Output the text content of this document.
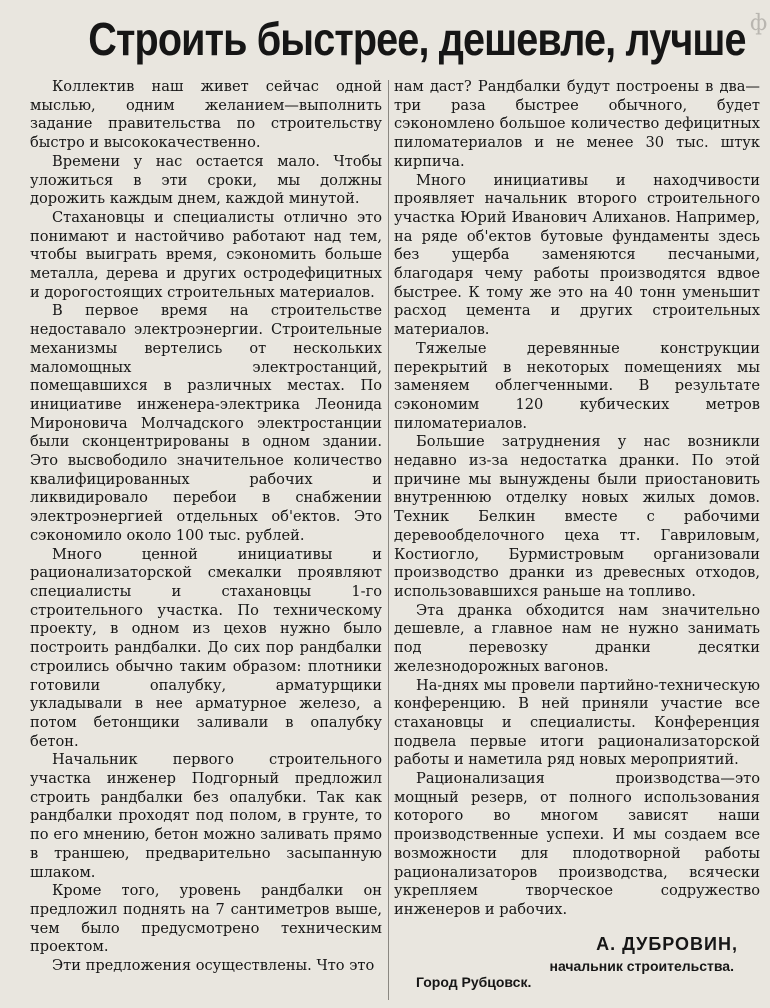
Строить быстрее, дешевле, лучше ф

Коллектив наш живет сейчас одной мыслью, одним желанием—выполнить задание правительства по строительству быстро и высококачественно.

Времени у нас остается мало. Чтобы уложиться в эти сроки, мы должны дорожить каждым днем, каждой минутой.

Стахановцы и специалисты отлично это понимают и настойчиво работают над тем, чтобы выиграть время, сэкономить больше металла, дерева и других остродефицитных и дорогостоящих строительных материалов.

В первое время на строительстве недоставало электроэнергии. Строительные механизмы вертелись от нескольких маломощных электростанций, помещавшихся в различных местах. По инициативе инженера-электрика Леонида Мироновича Молчадского электростанции были сконцентрированы в одном здании. Это высвободило значительное количество квалифицированных рабочих и ликвидировало перебои в снабжении электроэнергией отдельных об'ектов. Это сэкономило около 100 тыс. рублей.

Много ценной инициативы и рационализаторской смекалки проявляют специалисты и стахановцы 1-го строительного участка. По техническому проекту, в одном из цехов нужно было построить рандбалки. До сих пор рандбалки строились обычно таким образом: плотники готовили опалубку, арматурщики укладывали в нее арматурное железо, а потом бетонщики заливали в опалубку бетон.

Начальник первого строительного участка инженер Подгорный предложил строить рандбалки без опалубки. Так как рандбалки проходят под полом, в грунте, то по его мнению, бетон можно заливать прямо в траншею, предварительно засыпанную шлаком.

Кроме того, уровень рандбалки он предложил поднять на 7 сантиметров выше, чем было предусмотрено техническим проектом.

Эти предложения осуществлены. Что это

нам даст? Рандбалки будут построены в два—три раза быстрее обычного, будет сэкономлено большое количество дефицитных пиломатериалов и не менее 30 тыс. штук кирпича.

Много инициативы и находчивости проявляет начальник второго строительного участка Юрий Иванович Алиханов. Например, на ряде об'ектов бутовые фундаменты здесь без ущерба заменяются песчаными, благодаря чему работы производятся вдвое быстрее. К тому же это на 40 тонн уменьшит расход цемента и других строительных материалов.

Тяжелые деревянные конструкции перекрытий в некоторых помещениях мы заменяем облегченными. В результате сэкономим 120 кубических метров пиломатериалов.

Большие затруднения у нас возникли недавно из-за недостатка дранки. По этой причине мы вынуждены были приостановить внутреннюю отделку новых жилых домов. Техник Белкин вместе с рабочими деревообделочного цеха тт. Гавриловым, Костиогло, Бурмистровым организовали производство дранки из древесных отходов, использовавшихся раньше на топливо.

Эта дранка обходится нам значительно дешевле, а главное нам не нужно занимать под перевозку дранки десятки железнодорожных вагонов.

На-днях мы провели партийно-техническую конференцию. В ней приняли участие все стахановцы и специалисты. Конференция подвела первые итоги рационализаторской работы и наметила ряд новых мероприятий.

Рационализация производства—это мощный резерв, от полного использования которого во многом зависят наши производственные успехи. И мы создаем все возможности для плодотворной работы рационализаторов производства, всячески укрепляем творческое содружество инженеров и рабочих.

А. ДУБРОВИН,
начальник строительства.
Город Рубцовск.
